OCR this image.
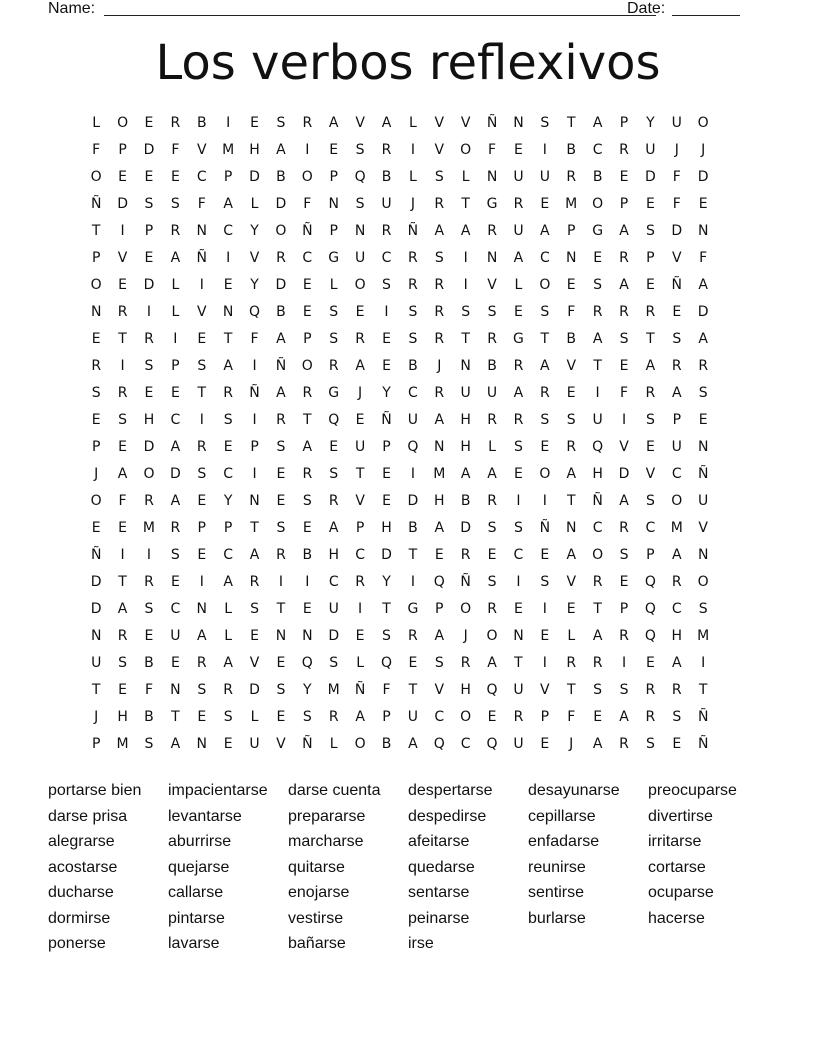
Name:	Date:
Los verbos reflexivos
L O E R B I E S R A V A L V V Ñ N S T A P Y U O
F P D F V M H A I E S R I V O F E I B C R U J J
O E E E C P D B O P Q B L S L N U U R B E D F D
Ñ D S S F A L D F N S U J R T G R E M O P E F E
T I P R N C Y O Ñ P N R Ñ A A R U A P G A S D N
P V E A Ñ I V R C G U C R S I N A C N E R P V F
O E D L I E Y D E L O S R R I V L O E S A E Ñ A
N R I L V N Q B E S E I S R S S E S F R R R E D
E T R I E T F A P S R E S R T R G T B A S T S A
R I S P S A I Ñ O R A E B J N B R A V T E A R R
S R E E T R Ñ A R G J Y C R U U A R E I F R A S
E S H C I S I R T Q E Ñ U A H R R S S U I S P E
P E D A R E P S A E U P Q N H L S E R Q V E U N
J A O D S C I E R S T E I M A A E O A H D V C Ñ
O F R A E Y N E S R V E D H B R I I T Ñ A S O U
E E M R P P T S E A P H B A D S S Ñ N C R C M V
Ñ I I S E C A R B H C D T E R E C E A O S P A N
D T R E I A R I I C R Y I Q Ñ S I S V R E Q R O
D A S C N L S T E U I T G P O R E I E T P Q C S
N R E U A L E N N D E S R A J O N E L A R Q H M
U S B E R A V E Q S L Q E S R A T I R R I E A I
T E F N S R D S Y M Ñ F T V H Q U V T S S R R T
J H B T E S L E S R A P U C O E R P F E A R S Ñ
P M S A N E U V Ñ L O B A Q C Q U E J A R S E Ñ
portarse bien
darse prisa
alegrarse
acostarse
ducharse
dormirse
ponerse
impacientarse
levantarse
aburrirse
quejarse
callarse
pintarse
lavarse
darse cuenta
prepararse
marcharse
quitarse
enojarse
vestirse
bañarse
despertarse
despedirse
afeitarse
quedarse
sentarse
peinarse
irse
desayunarse
cepillarse
enfadarse
reunirse
sentirse
burlarse
preocuparse
divertirse
irritarse
cortarse
ocuparse
hacerse
